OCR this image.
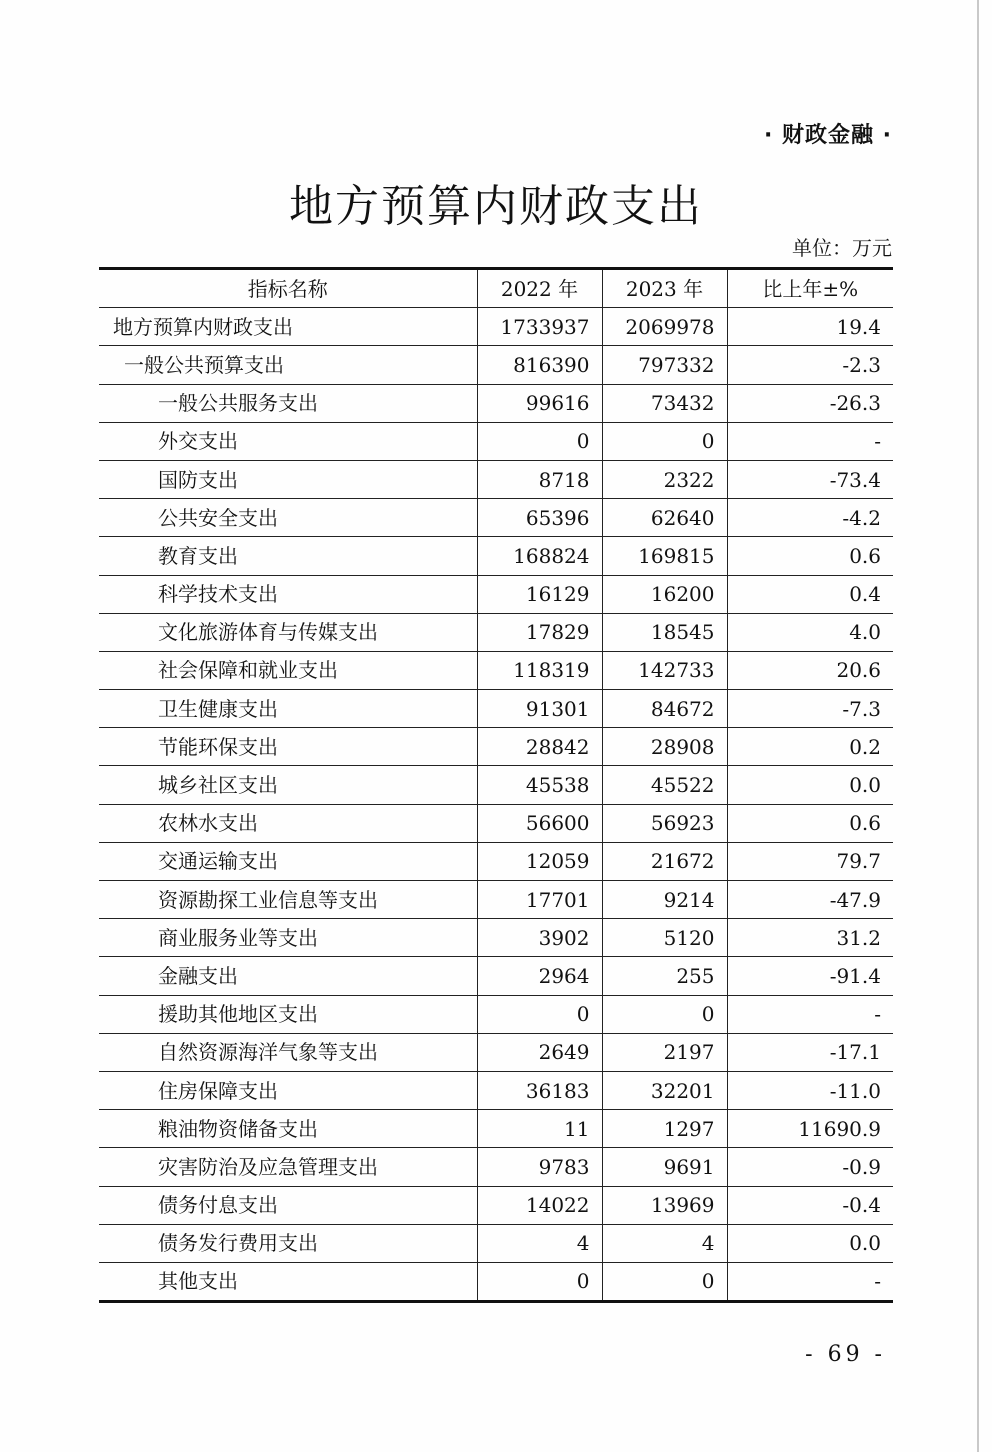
· 财政金融 ·
地方预算内财政支出
单位：万元
指标名称	2022 年	2023 年	比上年±%
地方预算内财政支出	1733937	2069978	19.4
一般公共预算支出	816390	797332	-2.3
一般公共服务支出	99616	73432	-26.3
外交支出	0	0	-
国防支出	8718	2322	-73.4
公共安全支出	65396	62640	-4.2
教育支出	168824	169815	0.6
科学技术支出	16129	16200	0.4
文化旅游体育与传媒支出	17829	18545	4.0
社会保障和就业支出	118319	142733	20.6
卫生健康支出	91301	84672	-7.3
节能环保支出	28842	28908	0.2
城乡社区支出	45538	45522	0.0
农林水支出	56600	56923	0.6
交通运输支出	12059	21672	79.7
资源勘探工业信息等支出	17701	9214	-47.9
商业服务业等支出	3902	5120	31.2
金融支出	2964	255	-91.4
援助其他地区支出	0	0	-
自然资源海洋气象等支出	2649	2197	-17.1
住房保障支出	36183	32201	-11.0
粮油物资储备支出	11	1297	11690.9
灾害防治及应急管理支出	9783	9691	-0.9
债务付息支出	14022	13969	-0.4
债务发行费用支出	4	4	0.0
其他支出	0	0	-
- 69 -
